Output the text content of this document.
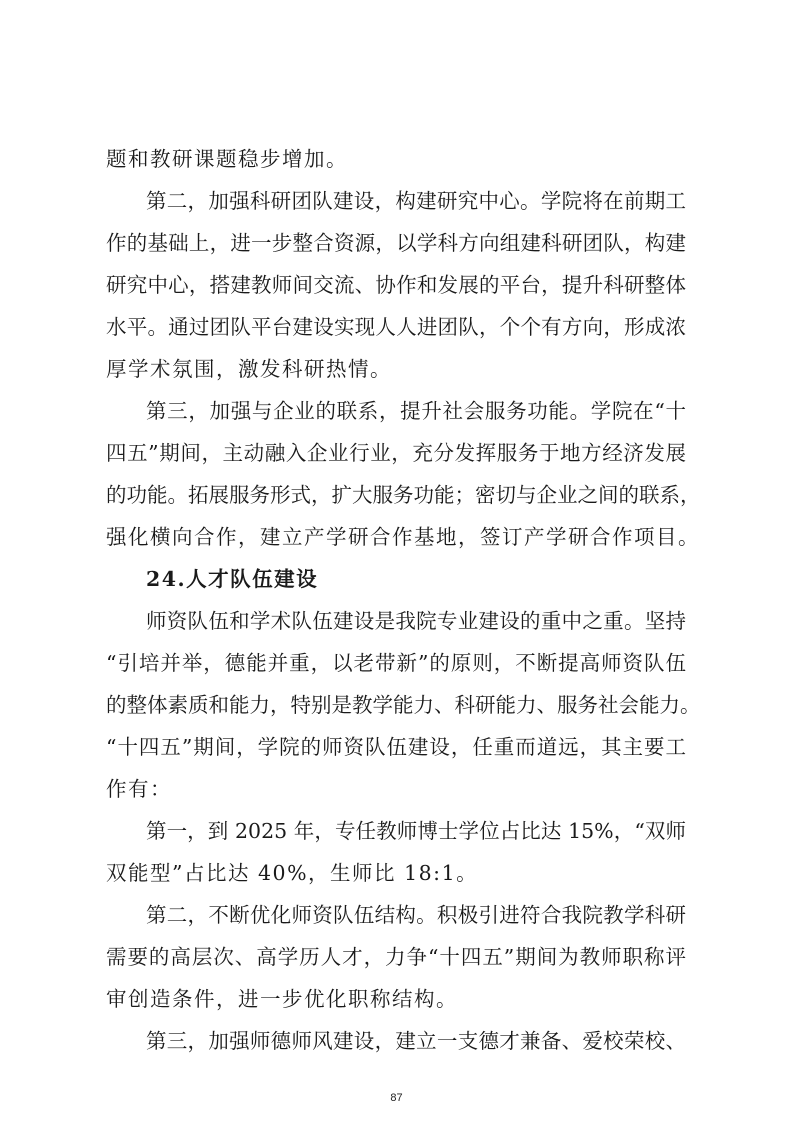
题和教研课题稳步增加。
第二，加强科研团队建设，构建研究中心。学院将在前期工
作的基础上，进一步整合资源，以学科方向组建科研团队，构建
研究中心，搭建教师间交流、协作和发展的平台，提升科研整体
水平。通过团队平台建设实现人人进团队，个个有方向，形成浓
厚学术氛围，激发科研热情。
第三，加强与企业的联系，提升社会服务功能。学院在“十
四五”期间，主动融入企业行业，充分发挥服务于地方经济发展
的功能。拓展服务形式，扩大服务功能；密切与企业之间的联系，
强化横向合作，建立产学研合作基地，签订产学研合作项目。
24.人才队伍建设
师资队伍和学术队伍建设是我院专业建设的重中之重。坚持
“引培并举，德能并重，以老带新”的原则，不断提高师资队伍
的整体素质和能力，特别是教学能力、科研能力、服务社会能力。
“十四五”期间，学院的师资队伍建设，任重而道远，其主要工
作有：
第一，到 2025 年，专任教师博士学位占比达 15%，“双师
双能型”占比达 40%，生师比 18:1。
第二，不断优化师资队伍结构。积极引进符合我院教学科研
需要的高层次、高学历人才，力争“十四五”期间为教师职称评
审创造条件，进一步优化职称结构。
第三，加强师德师风建设，建立一支德才兼备、爱校荣校、
87
